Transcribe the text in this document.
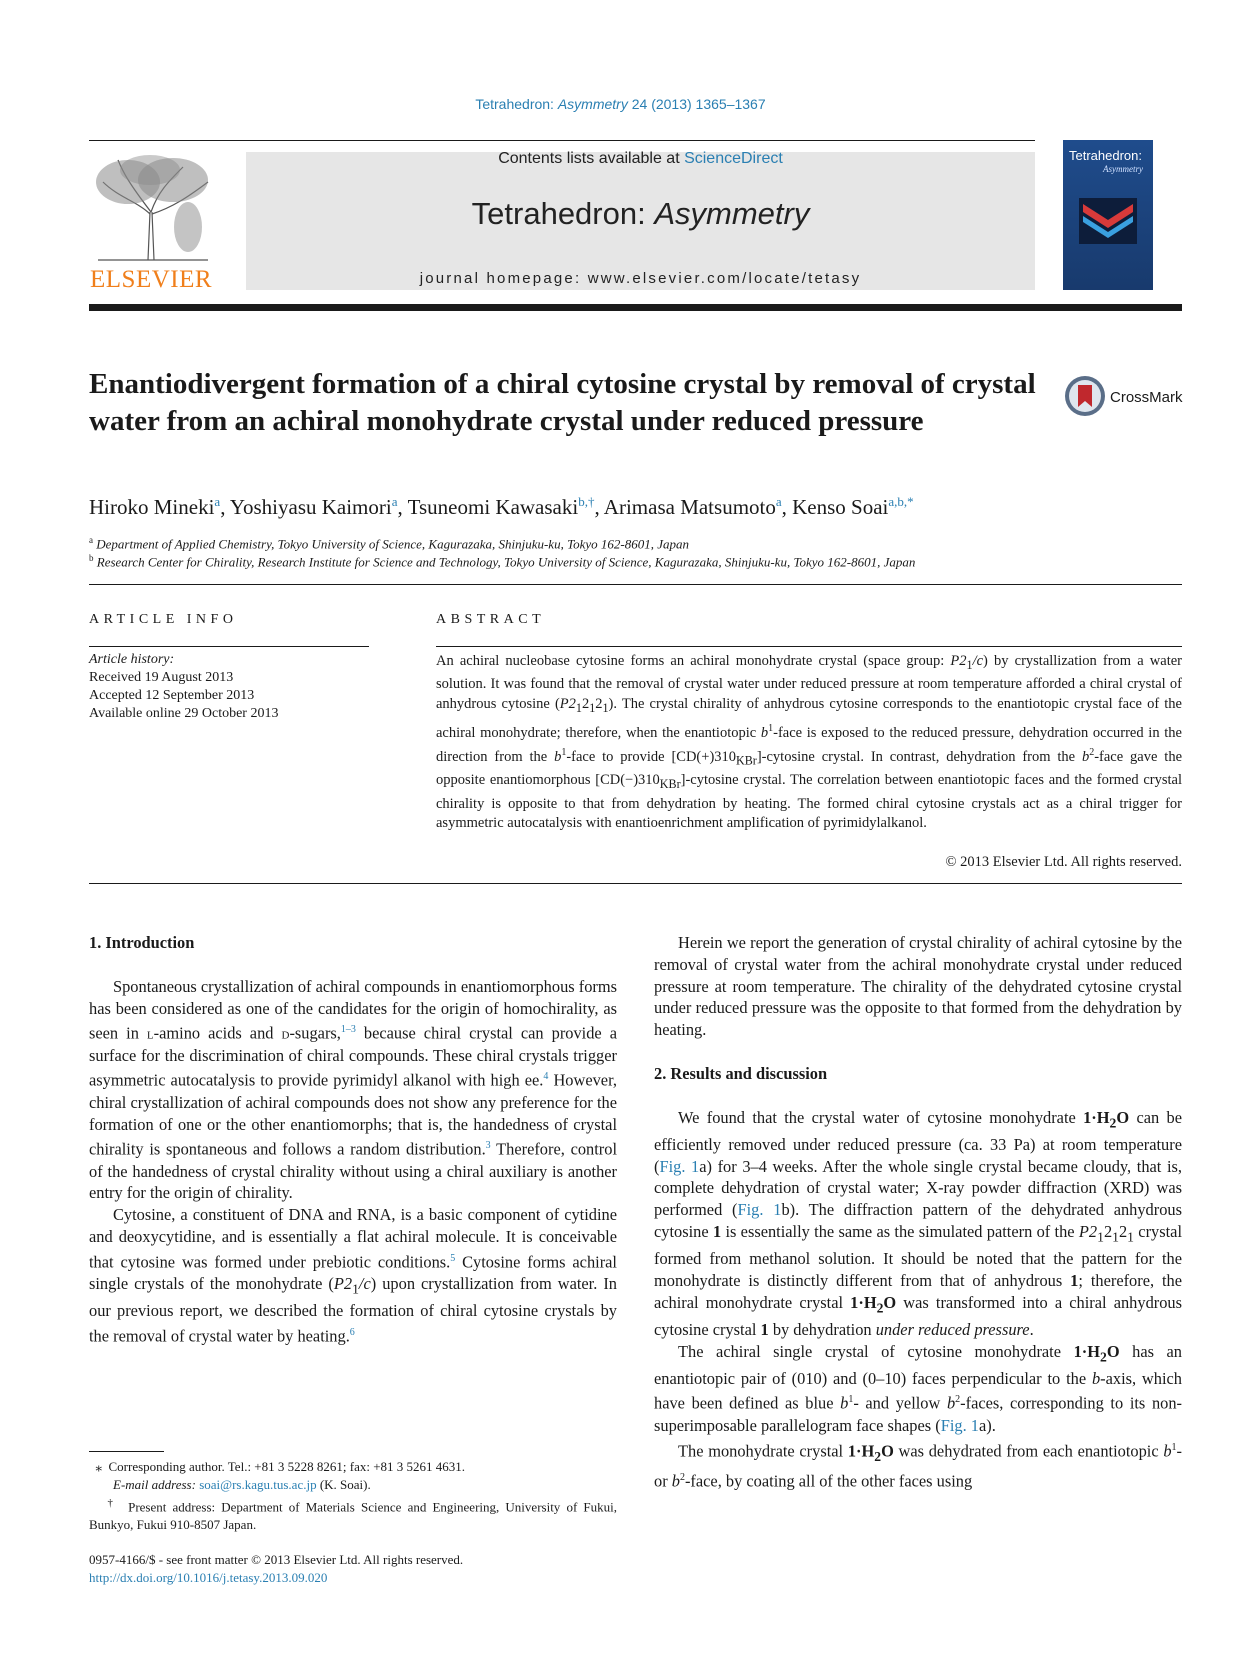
Tetrahedron: Asymmetry 24 (2013) 1365–1367
ELSEVIER
Contents lists available at ScienceDirect
Tetrahedron: Asymmetry
journal homepage: www.elsevier.com/locate/tetasy
Tetrahedron:
Asymmetry
Enantiodivergent formation of a chiral cytosine crystal by removal of crystal water from an achiral monohydrate crystal under reduced pressure
CrossMark
Hiroko Mineki$^a$, Yoshiyasu Kaimori$^a$, Tsuneomi Kawasaki$^{b,\dagger}$, Arimasa Matsumoto$^a$, Kenso Soai$^{a,b,*}$
$^a$ Department of Applied Chemistry, Tokyo University of Science, Kagurazaka, Shinjuku-ku, Tokyo 162-8601, Japan
$^b$ Research Center for Chirality, Research Institute for Science and Technology, Tokyo University of Science, Kagurazaka, Shinjuku-ku, Tokyo 162-8601, Japan
ARTICLE INFO
Article history:
Received 19 August 2013
Accepted 12 September 2013
Available online 29 October 2013
ABSTRACT
An achiral nucleobase cytosine forms an achiral monohydrate crystal (space group: $P2_1/c$) by crystallization from a water solution. It was found that the removal of crystal water under reduced pressure at room temperature afforded a chiral crystal of anhydrous cytosine $(P2_12_12_1)$. The crystal chirality of anhydrous cytosine corresponds to the enantiotopic crystal face of the achiral monohydrate; therefore, when the enantiotopic $b^1$-face is exposed to the reduced pressure, dehydration occurred in the direction from the $b^1$-face to provide $[CD(+)310_{KBr}]$-cytosine crystal. In contrast, dehydration from the $b^2$-face gave the opposite enantiomorphous $[CD(-)310_{KBr}]$-cytosine crystal. The correlation between enantiotopic faces and the formed crystal chirality is opposite to that from dehydration by heating. The formed chiral cytosine crystals act as a chiral trigger for asymmetric autocatalysis with enantioenrichment amplification of pyrimidylalkanol.
© 2013 Elsevier Ltd. All rights reserved.
1. Introduction

Spontaneous crystallization of achiral compounds in enantiomorphous forms has been considered as one of the candidates for the origin of homochirality, as seen in l-amino acids and d-sugars,$^{1-3}$ because chiral crystal can provide a surface for the discrimination of chiral compounds. These chiral crystals trigger asymmetric autocatalysis to provide pyrimidyl alkanol with high ee.$^4$ However, chiral crystallization of achiral compounds does not show any preference for the formation of one or the other enantiomorphs; that is, the handedness of crystal chirality is spontaneous and follows a random distribution.$^3$ Therefore, control of the handedness of crystal chirality without using a chiral auxiliary is another entry for the origin of chirality.

Cytosine, a constituent of DNA and RNA, is a basic component of cytidine and deoxycytidine, and is essentially a flat achiral molecule. It is conceivable that cytosine was formed under prebiotic conditions.$^5$ Cytosine forms achiral single crystals of the monohydrate $(P2_1/c)$ upon crystallization from water. In our previous report, we described the formation of chiral cytosine crystals by the removal of crystal water by heating.$^6$

Herein we report the generation of crystal chirality of achiral cytosine by the removal of crystal water from the achiral monohydrate crystal under reduced pressure at room temperature. The chirality of the dehydrated cytosine crystal under reduced pressure was the opposite to that formed from the dehydration by heating.

2. Results and discussion

We found that the crystal water of cytosine monohydrate $1\cdot H_2O$ can be efficiently removed under reduced pressure (ca. 33 Pa) at room temperature (Fig. 1a) for 3–4 weeks. After the whole single crystal became cloudy, that is, complete dehydration of crystal water; X-ray powder diffraction (XRD) was performed (Fig. 1b). The diffraction pattern of the dehydrated anhydrous cytosine 1 is essentially the same as the simulated pattern of the $P2_12_12_1$ crystal formed from methanol solution. It should be noted that the pattern for the monohydrate is distinctly different from that of anhydrous 1; therefore, the achiral monohydrate crystal $1\cdot H_2O$ was transformed into a chiral anhydrous cytosine crystal 1 by dehydration under reduced pressure.

The achiral single crystal of cytosine monohydrate $1\cdot H_2O$ has an enantiotopic pair of (010) and (0–10) faces perpendicular to the b-axis, which have been defined as blue $b^1-$ and yellow $b^2$-faces, corresponding to its non-superimposable parallelogram face shapes (Fig. 1a).

The monohydrate crystal $1\cdot H_2O$ was dehydrated from each enantiotopic $b^1-$ or $b^2$-face, by coating all of the other faces using

⁎ Corresponding author. Tel.: +81 3 5228 8261; fax: +81 3 5261 4631.
E-mail address: soai@rs.kagu.tus.ac.jp (K. Soai).
† Present address: Department of Materials Science and Engineering, University of Fukui, Bunkyo, Fukui 910-8507 Japan.
0957-4166/$ - see front matter © 2013 Elsevier Ltd. All rights reserved.
http://dx.doi.org/10.1016/j.tetasy.2013.09.020
